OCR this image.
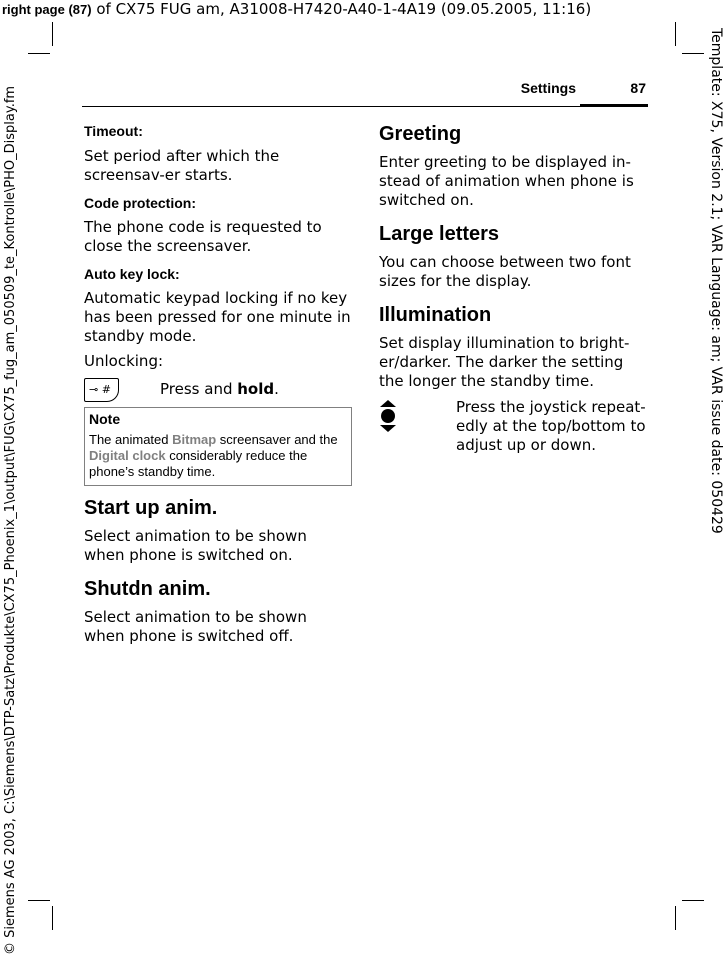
right page (87) of CX75 FUG am, A31008-H7420-A40-1-4A19 (09.05.2005, 11:16)
Template: X75, Version 2.1; VAR Language: am; VAR issue date: 050429
© Siemens AG 2003, C:\Siemens\DTP-Satz\Produkte\CX75_Phoenix_1\output\FUG\CX75_fug_am_050509_te_Kontrolle\PHO_Display.fm	Settings	87

Timeout:

Set period after which the screensav-er starts.

Code protection:

The phone code is requested to close the screensaver.

Auto key lock:

Automatic keypad locking if no key has been pressed for one minute in standby mode.

Unlocking:

⊸ #	Press and hold.
Note
The animated Bitmap screensaver and the Digital clock considerably reduce the phone’s standby time.

Start up anim.

Select animation to be shown when phone is switched on.

Shutdn anim.

Select animation to be shown when phone is switched off.

Greeting

Enter greeting to be displayed in-stead of animation when phone is switched on.

Large letters

You can choose between two font sizes for the display.

Illumination

Set display illumination to bright-er/darker. The darker the setting the longer the standby time.

Press the joystick repeat-edly at the top/bottom to adjust up or down.
